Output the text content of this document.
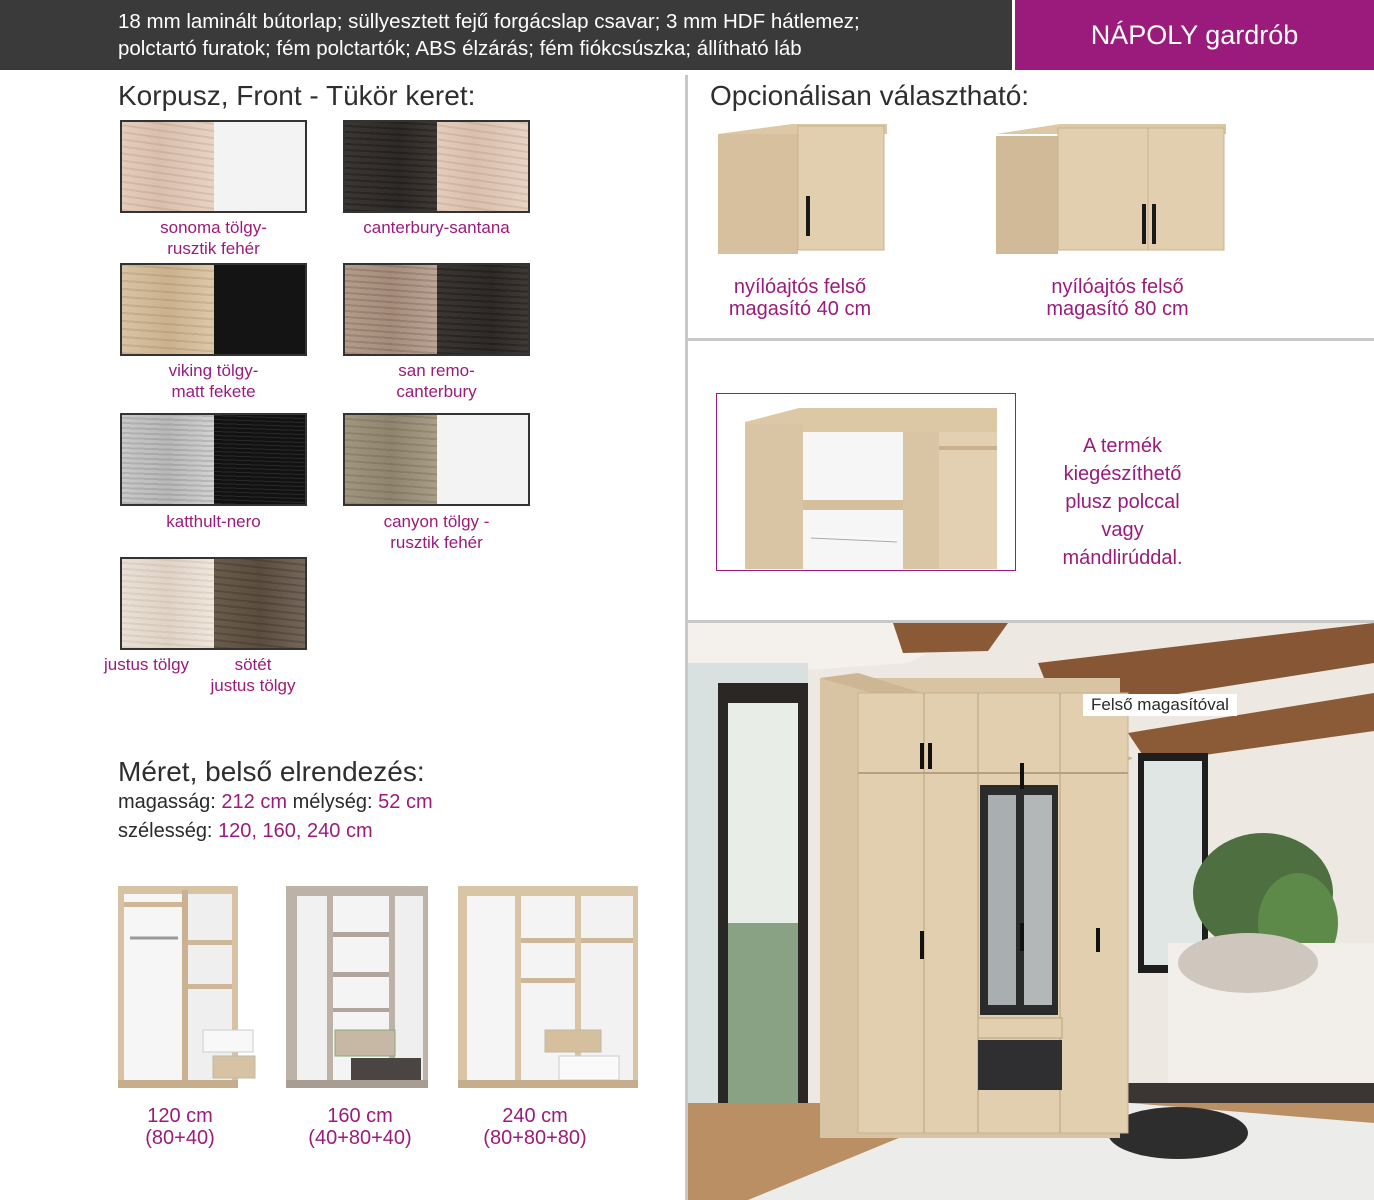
18 mm laminált bútorlap; süllyesztett fejű forgácslap csavar; 3 mm HDF hátlemez;
polctartó furatok; fém polctartók; ABS élzárás; fém fiókcsúszka; állítható láb	NÁPOLY gardrób
Korpusz, Front - Tükör keret:
sonoma tölgy-
rusztik fehér
canterbury-santana
viking tölgy-
matt fekete
san remo-
canterbury
katthult-nero	canyon tölgy -
rusztik fehér
justus tölgy	sötét
justus tölgy
Méret, belső elrendezés:
magasság: 212 cm mélység: 52 cm
szélesség: 120, 160, 240 cm
120 cm
(80+40)
160 cm
(40+80+40)
240 cm
(80+80+80)
Opcionálisan választható:
nyílóajtós felső
magasító 40 cm
nyílóajtós felső
magasító 80 cm
A termék
kiegészíthető
plusz polccal
vagy
mándlirúddal.
Felső magasítóval
